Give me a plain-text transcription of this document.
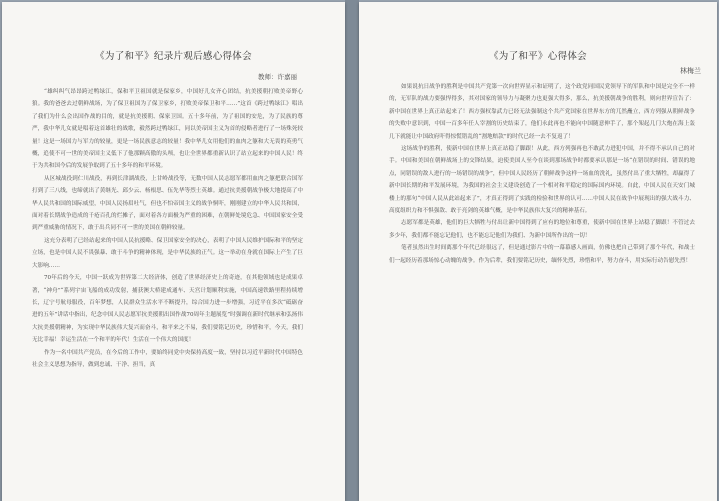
《为了和平》纪录片观后感心得体会
教师：许嘉丽

“雄纠纠气昂昂跨过鸭绿江，保和平卫祖国就是保家乡，中国好儿女齐心团结，抗美援朝打败美帝野心狼。我的爸爸去过朝鲜战场，为了保卫祖国为了保卫家乡，打败美帝保卫和平……”这首《跨过鸭绿江》唱出了我们为什么会出国作战的目的，就是抗美援朝、保家卫国。五十多年前，为了祖国的安危，为了民族的尊严，我中华儿女就是唱着这首雄壮的战歌，毅然跨过鸭绿江，同以美帝国主义为首的侵略者进行了一场殊死较量！这是一场国力与军力的较量，更是一场民族意志的较量！我中华儿女用他们的血肉之躯和大无畏的英勇气概，追使不可一世的美帝国主义低下了他那颗高傲的头颅，也让全世界都重新认识了站立起来的中国人民！终于为共和国今后的发展争取到了五十多年的和平环境。

从区城战役到仁川战役，再到长津湖战役，上甘岭战役等，无数中国人民志愿军都用血肉之躯把联合国军打到了三八线，也缔就出了黄继光、邱少云、杨根思、伍先华等烈士英雄。通过抗美援朝战争极大地提高了中华人民共和国的国际威望，中国人民扬眉吐气，但也不怕帝国主义的战争恫吓，刚刚建立的中华人民共和国，面对着长期战争造成的千疮百孔的烂摊子，面对着各方面极为严重的困难，在朝鲜处境危急、中国国家安全受到严重威胁的情况下，敢于出兵同不可一世的美国在朝鲜较量。

这充分表明了已经站起来的中国人民抗援略、保卫国家安全的决心，表明了中国人民维护国际和平的坚定立场，也是中国人民不畏强暴、敢于斗争的精神体现，是中华民族的正气。这一举动在身就在国际上产生了巨大影响……

70年后的今天，中国一跃成为世界第二大经济体，创造了世界经济史上的奇迹，在其他领域也是成果卓著，“神舟”“系列宇宙飞船的成功发射，捕获澳大桥建成通车、天宫计划顺利实施，中国高速铁路里程持续增长，辽宁号航母服役，百年梦想，人民群众生活水平不断提升，综合国力进一步增强，习近平在多次“砥砺奋进的五年”讲话中指出，纪念中国人民志愿军抗美援朝出国作战70周年主题展览”时强调在新时代继承和弘扬伟大抗美援朝精神，为实现中华民族伟大复兴而奋斗，和平来之不易，我们要铭记历史，珍惜和平，今天，我们无比幸福！幸运生活在一个和平的年代！生活在一个伟大的国度！

作为一名中国共产党员，在今后的工作中，要始终同党中央保持高度一致，坚持以习近平新时代中国特色社会主义思想为指导，做到忠诚、干净、担当，真

《为了和平》心得体会
林梅兰

如果说抗日战争的胜利是中国共产党第一次向世界显示和证明了，这个政党同国民党领导下的军队和中国是完全不一样的，无军队的战力要强悍得多，其对国家的领导力与凝聚力也更强大得多，那么，抗美援朝战争的胜利，则向世界宣告了：新中国在世界上真正站起来了！西方强权靠武力已经无法强制这个共产党国家在世界东方的兀然矗立，西方列强从朝鲜战争的失败中意识到，中国一百多年任人宰割的历史结束了，他们永此再也不能向中国随意伸手了，那个架起几门大炮在海上轰几下就能让中国政府吓得惊慌错乱的“割地赔款”的时代已经一去不复返了！

这场战争的胜利，使新中国在世界上真正站稳了脚跟！从此，西方列强再也不敢武力进犯中国，并不得不承认自己的对手。中国和美国在朝鲜战场上的交锋结果，迫使美国人至今在谈到那场战争时都要承认那是一场“在错误的时间、错误的地点，同错误的敌人进行的一场错误的战争”，但中国人民经历了朝鲜战争这样一场血的洗礼，虽然付出了重大牺牲，却赢得了新中国长期的和平发展环境，为我国的社会主义建设创造了一个相对和平稳定的国际国内环境。自此，中国人民在天安门城楼上的那句“中国人民从此站起来了”，才真正得到了实践的检验和世界的认可……中国人民在战争中展现出的强大战斗力、高度组织力和不惧强敌、敢于亮剑的英雄气概，是中华民族伟大复兴的精神基石。

志愿军都是英雄，他们的巨大牺牲与付出让新中国得到了应有的地位和尊重，使新中国在世界上站稳了脚跟！不管过去多少年，我们都不能忘记他们，也不能忘记他们为我们、为新中国所作出的一切！

笔者虽然出生时间离那个年代已经很远了，但是通过影片中的一幕幕感人画面，仿佛也把自己带到了那个年代，和战士们一起经历着那场惊心动魄的战争。作为后辈，我们要铭记历史，缅怀先烈，珍惜和平，努力奋斗，用实际行动告慰先烈！
